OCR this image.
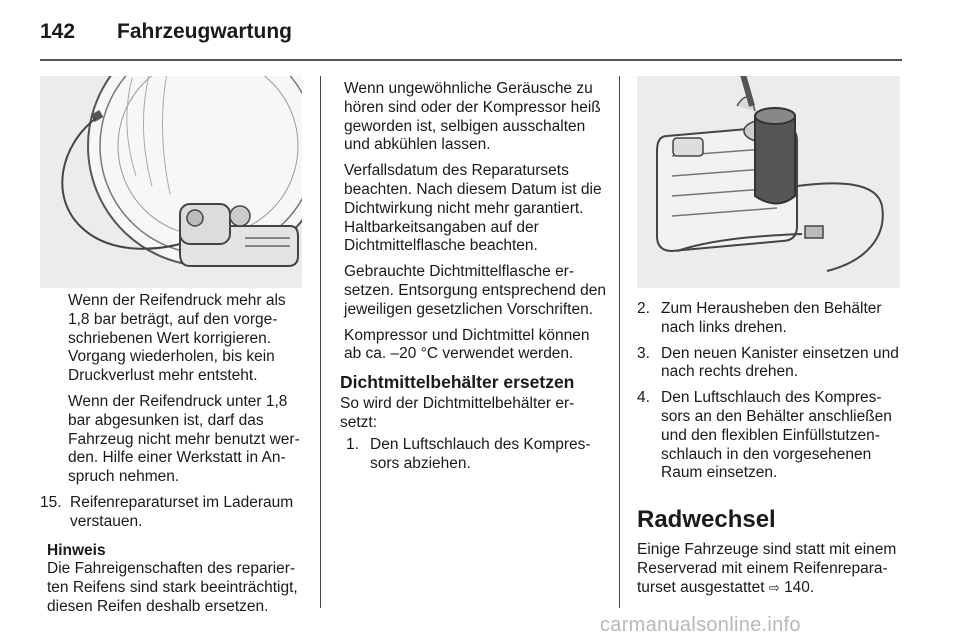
142	Fahrzeugwartung

Wenn der Reifendruck mehr als 1,8 bar beträgt, auf den vorgeschriebenen Wert korrigieren. Vorgang wiederholen, bis kein Druckverlust mehr entsteht.

Wenn der Reifendruck unter 1,8 bar abgesunken ist, darf das Fahrzeug nicht mehr benutzt werden. Hilfe einer Werkstatt in Anspruch nehmen.

15. Reifenreparaturset im Laderaum verstauen.
Hinweis
Die Fahreigenschaften des reparierten Reifens sind stark beeinträchtigt, diesen Reifen deshalb ersetzen.

Wenn ungewöhnliche Geräusche zu hören sind oder der Kompressor heiß geworden ist, selbigen ausschalten und abkühlen lassen.

Verfallsdatum des Reparatursets beachten. Nach diesem Datum ist die Dichtwirkung nicht mehr garantiert. Haltbarkeitsangaben auf der Dichtmittelflasche beachten.

Gebrauchte Dichtmittelflasche ersetzen. Entsorgung entsprechend den jeweiligen gesetzlichen Vorschriften.

Kompressor und Dichtmittel können ab ca. –20 °C verwendet werden.

Dichtmittelbehälter ersetzen

So wird der Dichtmittelbehälter ersetzt:

1. Den Luftschlauch des Kompressors abziehen.
2. Zum Herausheben den Behälter nach links drehen.
3. Den neuen Kanister einsetzen und nach rechts drehen.
4. Den Luftschlauch des Kompressors an den Behälter anschließen und den flexiblen Einfüllstutzenschlauch in den vorgesehenen Raum einsetzen.
Radwechsel
Einige Fahrzeuge sind statt mit einem Reserverad mit einem Reifenreparaturset ausgestattet ⇨ 140.
carmanualsonline.info
